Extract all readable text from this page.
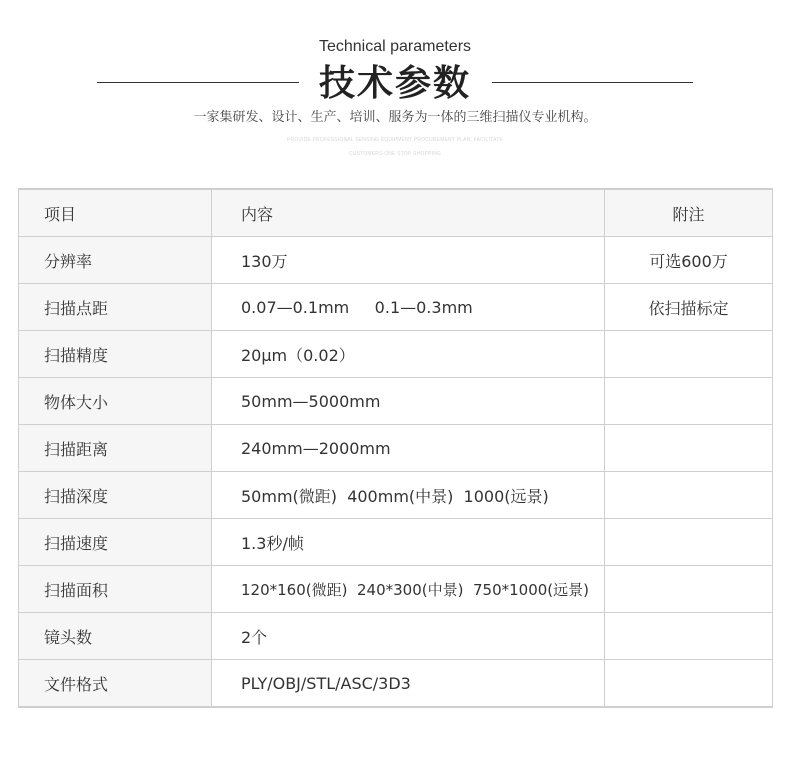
Technical parameters
技术参数
一家集研发、设计、生产、培训、服务为一体的三维扫描仪专业机构。
PROVIDE PROFESSIONAL SENSING EQUIPMENT PROCUREMENT PLAN, FACILITATE
CUSTOMERS ONE STOP SHOPPING
项目	内容	附注
分辨率	130万	可选600万
扫描点距	0.07—0.1mm     0.1—0.3mm	依扫描标定
扫描精度	20μm（0.02）	
物体大小	50mm—5000mm	
扫描距离	240mm—2000mm	
扫描深度	50mm(微距)  400mm(中景)  1000(远景)	
扫描速度	1.3秒/帧	
扫描面积	120*160(微距)  240*300(中景)  750*1000(远景)	
镜头数	2个	
文件格式	PLY/OBJ/STL/ASC/3D3	
